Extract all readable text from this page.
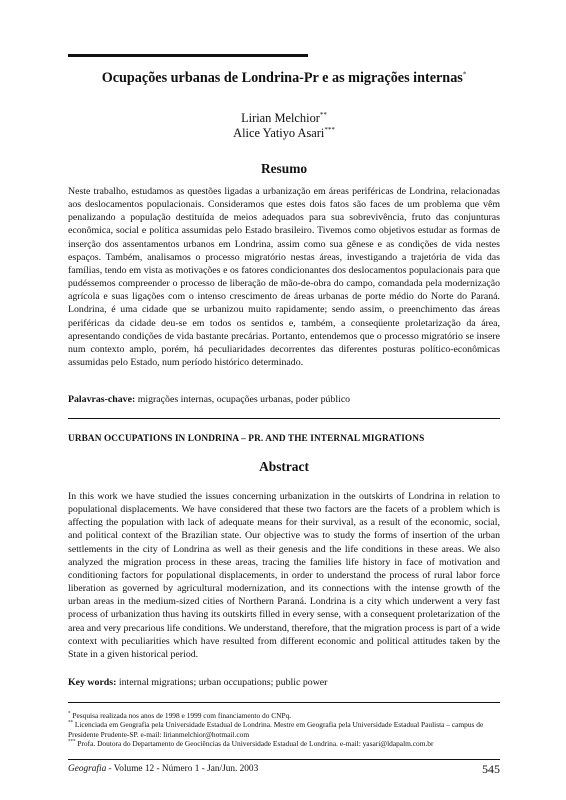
Ocupações urbanas de Londrina-Pr e as migrações internas*
Lirian Melchior**
Alice Yatiyo Asari***
Resumo
Neste trabalho, estudamos as questões ligadas a urbanização em áreas periféricas de Londrina, relacionadas aos deslocamentos populacionais. Consideramos que estes dois fatos são faces de um problema que vêm penalizando a população destituída de meios adequados para sua sobrevivência, fruto das conjunturas econômica, social e política assumidas pelo Estado brasileiro. Tivemos como objetivos estudar as formas de inserção dos assentamentos urbanos em Londrina, assim como sua gênese e as condições de vida nestes espaços. Também, analisamos o processo migratório nestas áreas, investigando a trajetória de vida das famílias, tendo em vista as motivações e os fatores condicionantes dos deslocamentos populacionais para que pudéssemos compreender o processo de liberação de mão-de-obra do campo, comandada pela modernização agrícola e suas ligações com o intenso crescimento de áreas urbanas de porte médio do Norte do Paraná. Londrina, é uma cidade que se urbanizou muito rapidamente; sendo assim, o preenchimento das áreas periféricas da cidade deu-se em todos os sentidos e, também, a conseqüente proletarização da área, apresentando condições de vida bastante precárias. Portanto, entendemos que o processo migratório se insere num contexto amplo, porém, há peculiaridades decorrentes das diferentes posturas político-econômicas assumidas pelo Estado, num período histórico determinado.
Palavras-chave: migrações internas, ocupações urbanas, poder público
URBAN OCCUPATIONS IN LONDRINA – PR. AND THE INTERNAL MIGRATIONS
Abstract
In this work we have studied the issues concerning urbanization in the outskirts of Londrina in relation to populational displacements. We have considered that these two factors are the facets of a problem which is affecting the population with lack of adequate means for their survival, as a result of the economic, social, and political context of the Brazilian state. Our objective was to study the forms of insertion of the urban settlements in the city of Londrina as well as their genesis and the life conditions in these areas. We also analyzed the migration process in these areas, tracing the families life history in face of motivation and conditioning factors for populational displacements, in order to understand the process of rural labor force liberation as governed by agricultural modernization, and its connections with the intense growth of the urban areas in the medium-sized cities of Northern Paraná. Londrina is a city which underwent a very fast process of urbanization thus having its outskirts filled in every sense, with a consequent proletarization of the area and very precarious life conditions. We understand, therefore, that the migration process is part of a wide context with peculiarities which have resulted from different economic and political attitudes taken by the State in a given historical period.
Key words: internal migrations; urban occupations; public power

* Pesquisa realizada nos anos de 1998 e 1999 com financiamento do CNPq.

** Licenciada em Geografia pela Universidade Estadual de Londrina. Mestre em Geografia pela Universidade Estadual Paulista – campus de Presidente Prudente-SP. e-mail: lirianmelchior@hotmail.com

*** Profa. Doutora do Departamento de Geociências da Universidade Estadual de Londrina. e-mail: yasari@ldapalm.com.br

Geografia - Volume 12 - Número 1 - Jan/Jun. 2003	545
